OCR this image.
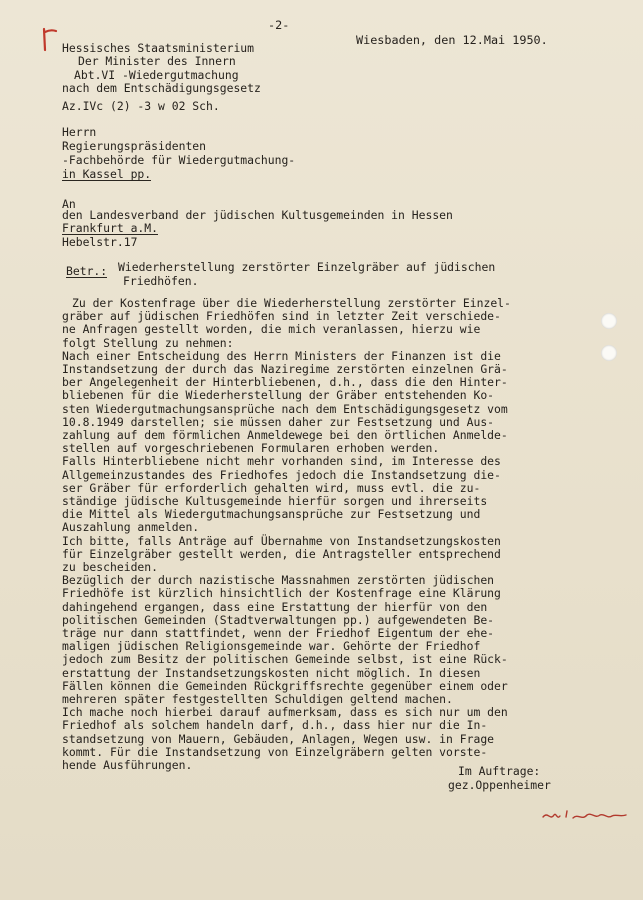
-2-
Wiesbaden, den 12.Mai 1950.
Hessisches Staatsministerium
Der Minister des Innern
Abt.VI -Wiedergutmachung
nach dem Entschädigungsgesetz
Az.IVc (2) -3 w 02 Sch.
Herrn
Regierungspräsidenten
-Fachbehörde für Wiedergutmachung-
in Kassel pp.
An
den Landesverband der jüdischen Kultusgemeinden in Hessen
Frankfurt a.M.
Hebelstr.17
Betr.: Wiederherstellung zerstörter Einzelgräber auf jüdischen
Friedhöfen.
Zu der Kostenfrage über die Wiederherstellung zerstörter Einzel-
gräber auf jüdischen Friedhöfen sind in letzter Zeit verschiede-
ne Anfragen gestellt worden, die mich veranlassen, hierzu wie
folgt Stellung zu nehmen:
Nach einer Entscheidung des Herrn Ministers der Finanzen ist die
Instandsetzung der durch das Naziregime zerstörten einzelnen Grä-
ber Angelegenheit der Hinterbliebenen, d.h., dass die den Hinter-
bliebenen für die Wiederherstellung der Gräber entstehenden Ko-
sten Wiedergutmachungsansprüche nach dem Entschädigungsgesetz vom
10.8.1949 darstellen; sie müssen daher zur Festsetzung und Aus-
zahlung auf dem förmlichen Anmeldewege bei den örtlichen Anmelde-
stellen auf vorgeschriebenen Formularen erhoben werden.
Falls Hinterbliebene nicht mehr vorhanden sind, im Interesse des
Allgemeinzustandes des Friedhofes jedoch die Instandsetzung die-
ser Gräber für erforderlich gehalten wird, muss evtl. die zu-
ständige jüdische Kultusgemeinde hierfür sorgen und ihrerseits
die Mittel als Wiedergutmachungsansprüche zur Festsetzung und
Auszahlung anmelden.
Ich bitte, falls Anträge auf Übernahme von Instandsetzungskosten
für Einzelgräber gestellt werden, die Antragsteller entsprechend
zu bescheiden.
Bezüglich der durch nazistische Massnahmen zerstörten jüdischen
Friedhöfe ist kürzlich hinsichtlich der Kostenfrage eine Klärung
dahingehend ergangen, dass eine Erstattung der hierfür von den
politischen Gemeinden (Stadtverwaltungen pp.) aufgewendeten Be-
träge nur dann stattfindet, wenn der Friedhof Eigentum der ehe-
maligen jüdischen Religionsgemeinde war. Gehörte der Friedhof
jedoch zum Besitz der politischen Gemeinde selbst, ist eine Rück-
erstattung der Instandsetzungskosten nicht möglich. In diesen
Fällen können die Gemeinden Rückgriffsrechte gegenüber einem oder
mehreren später festgestellten Schuldigen geltend machen.
Ich mache noch hierbei darauf aufmerksam, dass es sich nur um den
Friedhof als solchem handeln darf, d.h., dass hier nur die In-
standsetzung von Mauern, Gebäuden, Anlagen, Wegen usw. in Frage
kommt. Für die Instandsetzung von Einzelgräbern gelten vorste-
hende Ausführungen.	Im Auftrage:
gez.Oppenheimer
